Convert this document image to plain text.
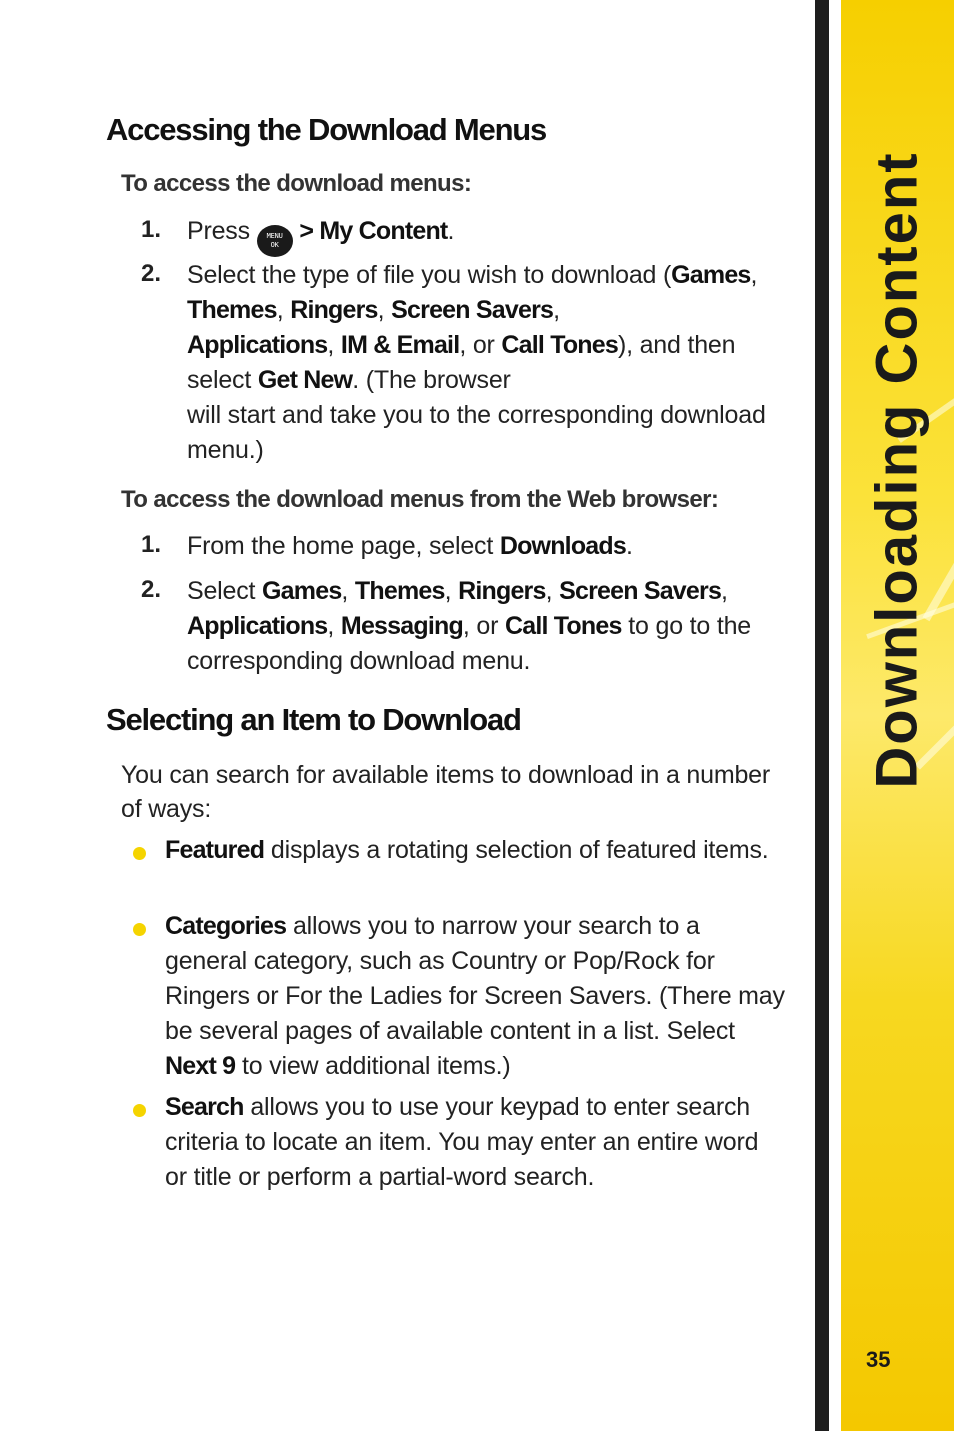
Accessing the Download Menus

To access the download menus:

1.	Press MENU
OK > My Content.
2.	Select the type of file you wish to download (Games, Themes, Ringers, Screen Savers,
Applications, IM & Email, or Call Tones), and then select Get New. (The browser
will start and take you to the corresponding download menu.)

To access the download menus from the Web browser:

1.	From the home page, select Downloads.
2.	Select Games, Themes, Ringers, Screen Savers,
Applications, Messaging, or Call Tones to go to the corresponding download menu.
Selecting an Item to Download
You can search for available items to download in a number of ways:
Featured displays a rotating selection of featured items.
Categories allows you to narrow your search to a general category, such as Country or Pop/Rock for Ringers or For the Ladies for Screen Savers. (There may be several pages of available content in a list. Select Next 9 to view additional items.)
Search allows you to use your keypad to enter search criteria to locate an item. You may enter an entire word or title or perform a partial-word search.
Downloading Content
35
